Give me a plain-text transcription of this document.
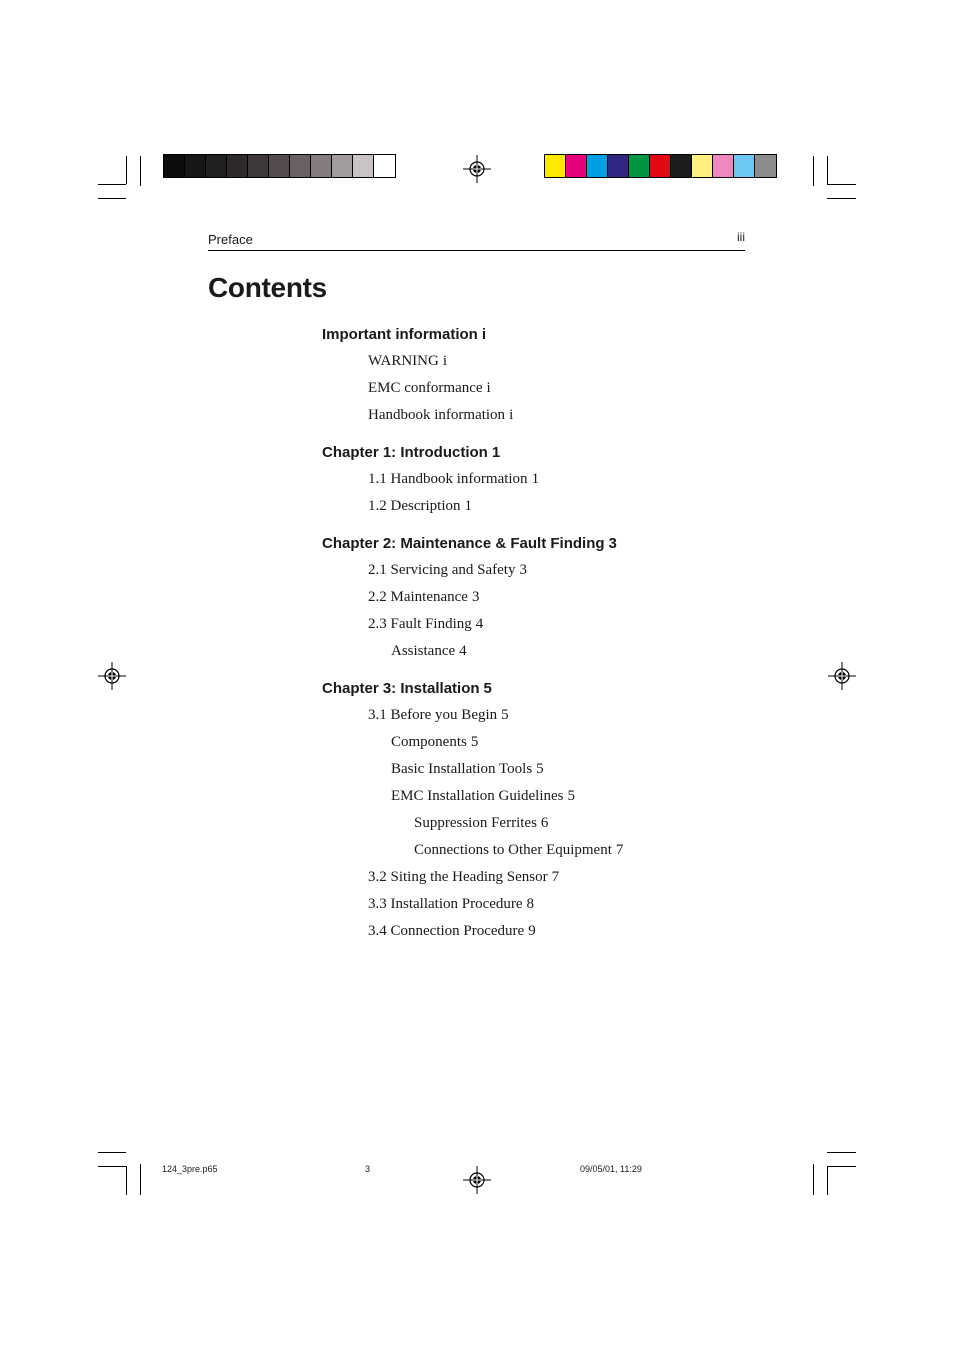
Preface	iii
Contents
Important information i
WARNING i
EMC conformance i
Handbook information i
Chapter 1: Introduction 1
1.1 Handbook information 1
1.2 Description 1
Chapter 2: Maintenance & Fault Finding 3
2.1 Servicing and Safety 3
2.2 Maintenance 3
2.3 Fault Finding 4
Assistance 4
Chapter 3: Installation 5
3.1 Before you Begin 5
Components 5
Basic Installation Tools 5
EMC Installation Guidelines 5
Suppression Ferrites 6
Connections to Other Equipment 7
3.2 Siting the Heading Sensor 7
3.3 Installation Procedure 8
3.4 Connection Procedure 9
124_3pre.p65	3	09/05/01, 11:29
